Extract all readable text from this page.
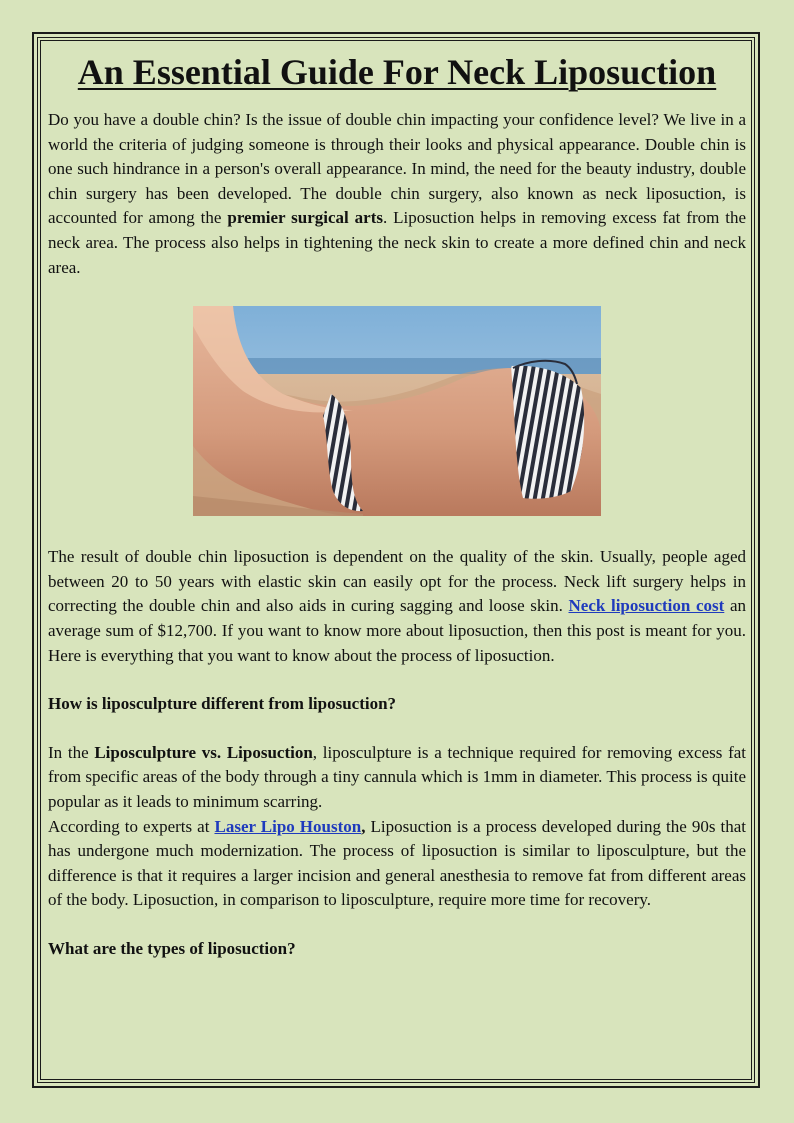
An Essential Guide For Neck Liposuction

Do you have a double chin? Is the issue of double chin impacting your confidence level? We live in a world the criteria of judging someone is through their looks and physical appearance. Double chin is one such hindrance in a person's overall appearance. In mind, the need for the beauty industry, double chin surgery has been developed. The double chin surgery, also known as neck liposuction, is accounted for among the premier surgical arts. Liposuction helps in removing excess fat from the neck area. The process also helps in tightening the neck skin to create a more defined chin and neck area.

The result of double chin liposuction is dependent on the quality of the skin. Usually, people aged between 20 to 50 years with elastic skin can easily opt for the process. Neck lift surgery helps in correcting the double chin and also aids in curing sagging and loose skin. Neck liposuction cost an average sum of $12,700. If you want to know more about liposuction, then this post is meant for you. Here is everything that you want to know about the process of liposuction.

How is liposculpture different from liposuction?

In the Liposculpture vs. Liposuction, liposculpture is a technique required for removing excess fat from specific areas of the body through a tiny cannula which is 1mm in diameter. This process is quite popular as it leads to minimum scarring.

According to experts at Laser Lipo Houston, Liposuction is a process developed during the 90s that has undergone much modernization. The process of liposuction is similar to liposculpture, but the difference is that it requires a larger incision and general anesthesia to remove fat from different areas of the body. Liposuction, in comparison to liposculpture, require more time for recovery.

What are the types of liposuction?
